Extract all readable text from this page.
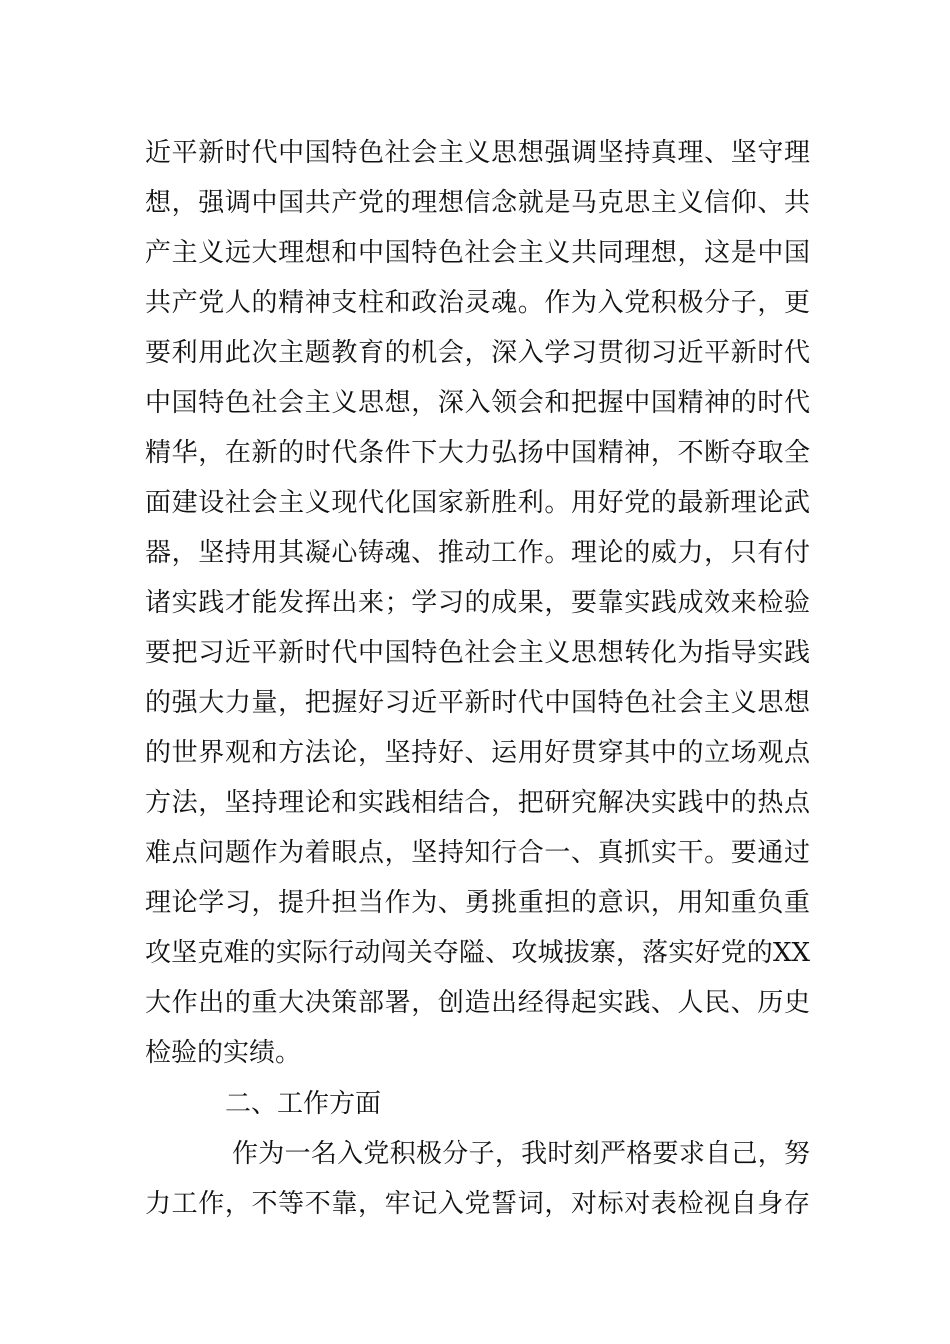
近平新时代中国特色社会主义思想强调坚持真理、坚守理
想，强调中国共产党的理想信念就是马克思主义信仰、共
产主义远大理想和中国特色社会主义共同理想，这是中国
共产党人的精神支柱和政治灵魂。作为入党积极分子，更
要利用此次主题教育的机会，深入学习贯彻习近平新时代
中国特色社会主义思想，深入领会和把握中国精神的时代
精华，在新的时代条件下大力弘扬中国精神，不断夺取全
面建设社会主义现代化国家新胜利。用好党的最新理论武
器，坚持用其凝心铸魂、推动工作。理论的威力，只有付
诸实践才能发挥出来；学习的成果，要靠实践成效来检验
要把习近平新时代中国特色社会主义思想转化为指导实践
的强大力量，把握好习近平新时代中国特色社会主义思想
的世界观和方法论，坚持好、运用好贯穿其中的立场观点
方法，坚持理论和实践相结合，把研究解决实践中的热点
难点问题作为着眼点，坚持知行合一、真抓实干。要通过
理论学习，提升担当作为、勇挑重担的意识，用知重负重
攻坚克难的实际行动闯关夺隘、攻城拔寨，落实好党的XX
大作出的重大决策部署，创造出经得起实践、人民、历史
检验的实绩。
二、工作方面
作为一名入党积极分子，我时刻严格要求自己，努
力工作，不等不靠，牢记入党誓词，对标对表检视自身存
